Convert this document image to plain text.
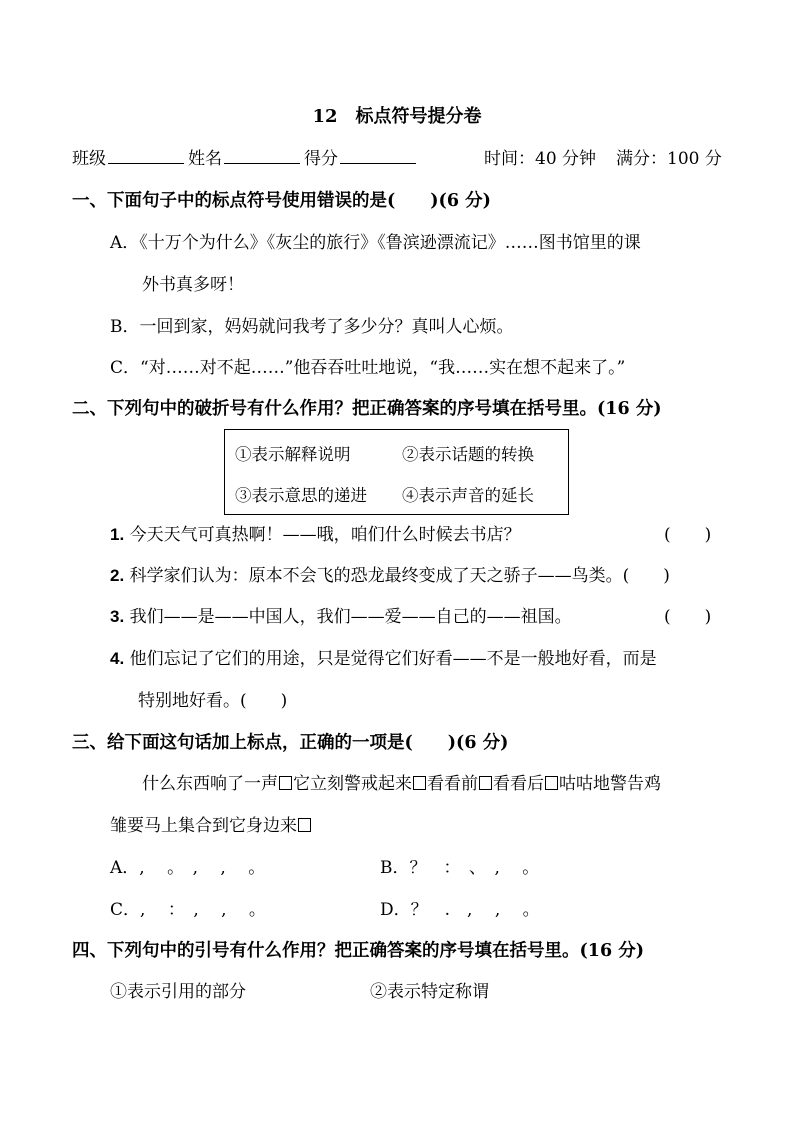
12　标点符号提分卷
班级	姓名	得分	时间：40 分钟 满分：100 分
一、下面句子中的标点符号使用错误的是(　　)(6 分)
A．《十万个为什么》《灰尘的旅行》《鲁滨逊漂流记》……图书馆里的课
外书真多呀！
B．一回到家，妈妈就问我考了多少分？真叫人心烦。
C．“对……对不起……”他吞吞吐吐地说，“我……实在想不起来了。”
二、下列句中的破折号有什么作用？把正确答案的序号填在括号里。(16 分)
①表示解释说明	②表示话题的转换
③表示意思的递进 ④表示声音的延长
1. 今天天气可真热啊！——哦，咱们什么时候去书店？	(　　)
2. 科学家们认为：原本不会飞的恐龙最终变成了天之骄子——鸟类。(　　)
3. 我们——是——中国人，我们——爱——自己的——祖国。	(　　)
4. 他们忘记了它们的用途，只是觉得它们好看——不是一般地好看，而是
特别地好看。(　　)
三、给下面这句话加上标点，正确的一项是(　　)(6 分)
什么东西响了一声 它立刻警戒起来 看看前 看看后 咕咕地警告鸡
雏要马上集合到它身边来
A．,　 。　,　 ,　 。	B．？　：　、　,　 。
C．,　 ：　,　 ,　 。	D．？　.　,　 ,　 。
四、下列句中的引号有什么作用？把正确答案的序号填在括号里。(16 分)
①表示引用的部分	②表示特定称谓
